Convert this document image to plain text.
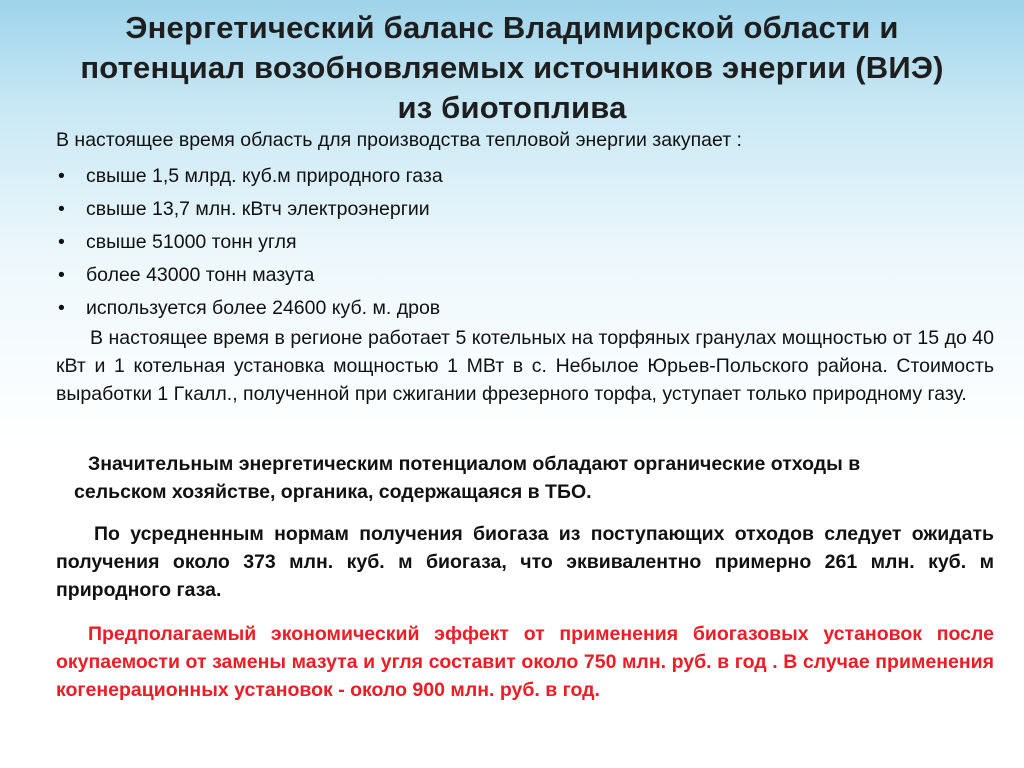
Энергетический баланс Владимирской области и
потенциал возобновляемых источников энергии (ВИЭ)
из биотоплива
В настоящее время область для производства тепловой энергии закупает :
• свыше 1,5 млрд. куб.м природного газа
• свыше 13,7 млн. кВтч электроэнергии
• свыше 51000 тонн угля
• более 43000 тонн мазута
• используется более 24600 куб. м. дров

В настоящее время в регионе работает 5 котельных на торфяных гранулах мощностью от 15 до 40 кВт и 1 котельная установка мощностью 1 МВт в с. Небылое Юрьев-Польского района. Стоимость выработки 1 Гкалл., полученной при сжигании фрезерного торфа, уступает только природному газу.

Значительным энергетическим потенциалом обладают органические отходы в сельском хозяйстве, органика, содержащаяся в ТБО.

По усредненным нормам получения биогаза из поступающих отходов следует ожидать получения около 373 млн. куб. м биогаза, что эквивалентно примерно 261 млн. куб. м природного газа.

Предполагаемый экономический эффект от применения биогазовых установок после окупаемости от замены мазута и угля составит около 750 млн. руб. в год . В случае применения когенерационных установок - около 900 млн. руб. в год.
